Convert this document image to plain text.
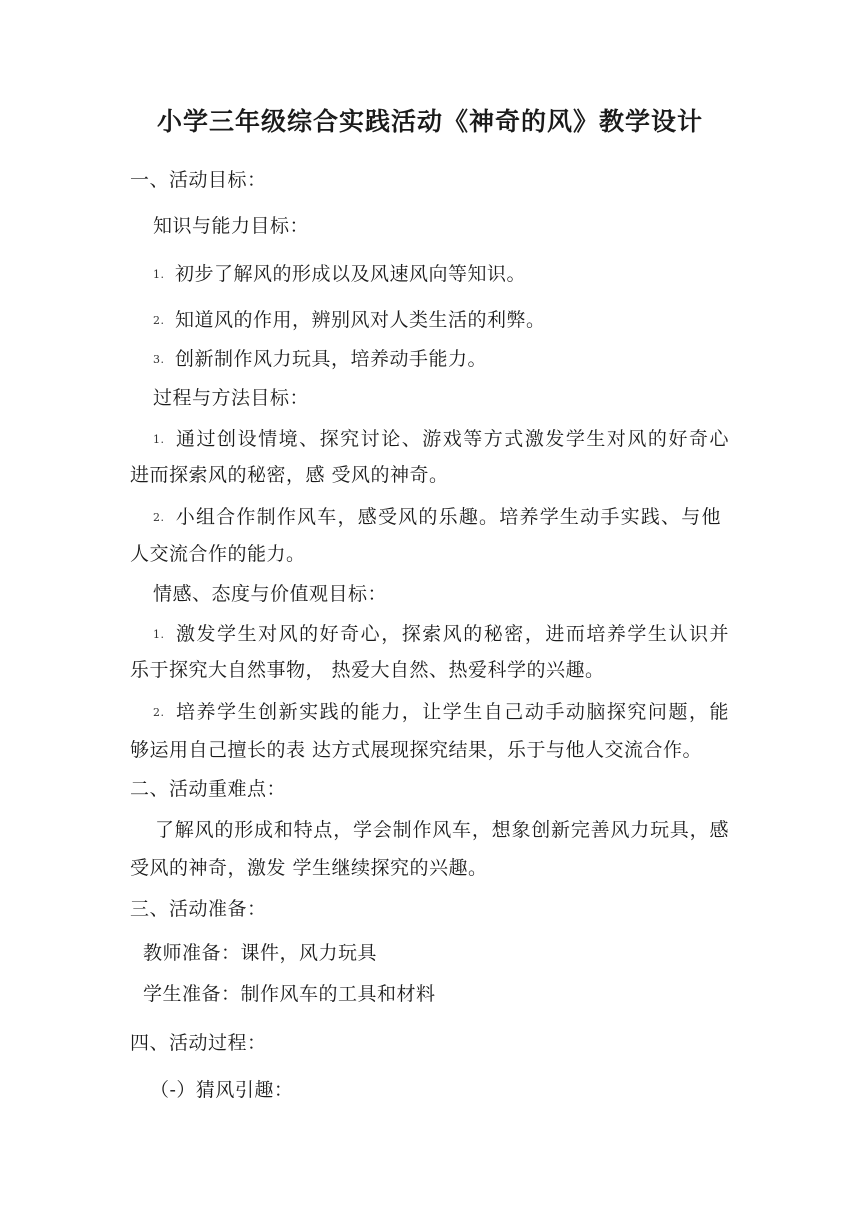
小学三年级综合实践活动《神奇的风》教学设计
一、活动目标：
知识与能力目标：
1. 初步了解风的形成以及风速风向等知识。
2. 知道风的作用，辨别风对人类生活的利弊。
3. 创新制作风力玩具，培养动手能力。
过程与方法目标：
1. 通过创设情境、探究讨论、游戏等方式激发学生对风的好奇心
进而探索风的秘密，感 受风的神奇。
2. 小组合作制作风车，感受风的乐趣。培养学生动手实践、与他
人交流合作的能力。
情感、态度与价值观目标：
1. 激发学生对风的好奇心，探索风的秘密，进而培养学生认识并
乐于探究大自然事物， 热爱大自然、热爱科学的兴趣。
2. 培养学生创新实践的能力，让学生自己动手动脑探究问题，能
够运用自己擅长的表 达方式展现探究结果，乐于与他人交流合作。
二、活动重难点：
了解风的形成和特点，学会制作风车，想象创新完善风力玩具，感
受风的神奇，激发 学生继续探究的兴趣。
三、活动准备：
教师准备：课件，风力玩具
学生准备：制作风车的工具和材料
四、活动过程：
（-）猜风引趣：
